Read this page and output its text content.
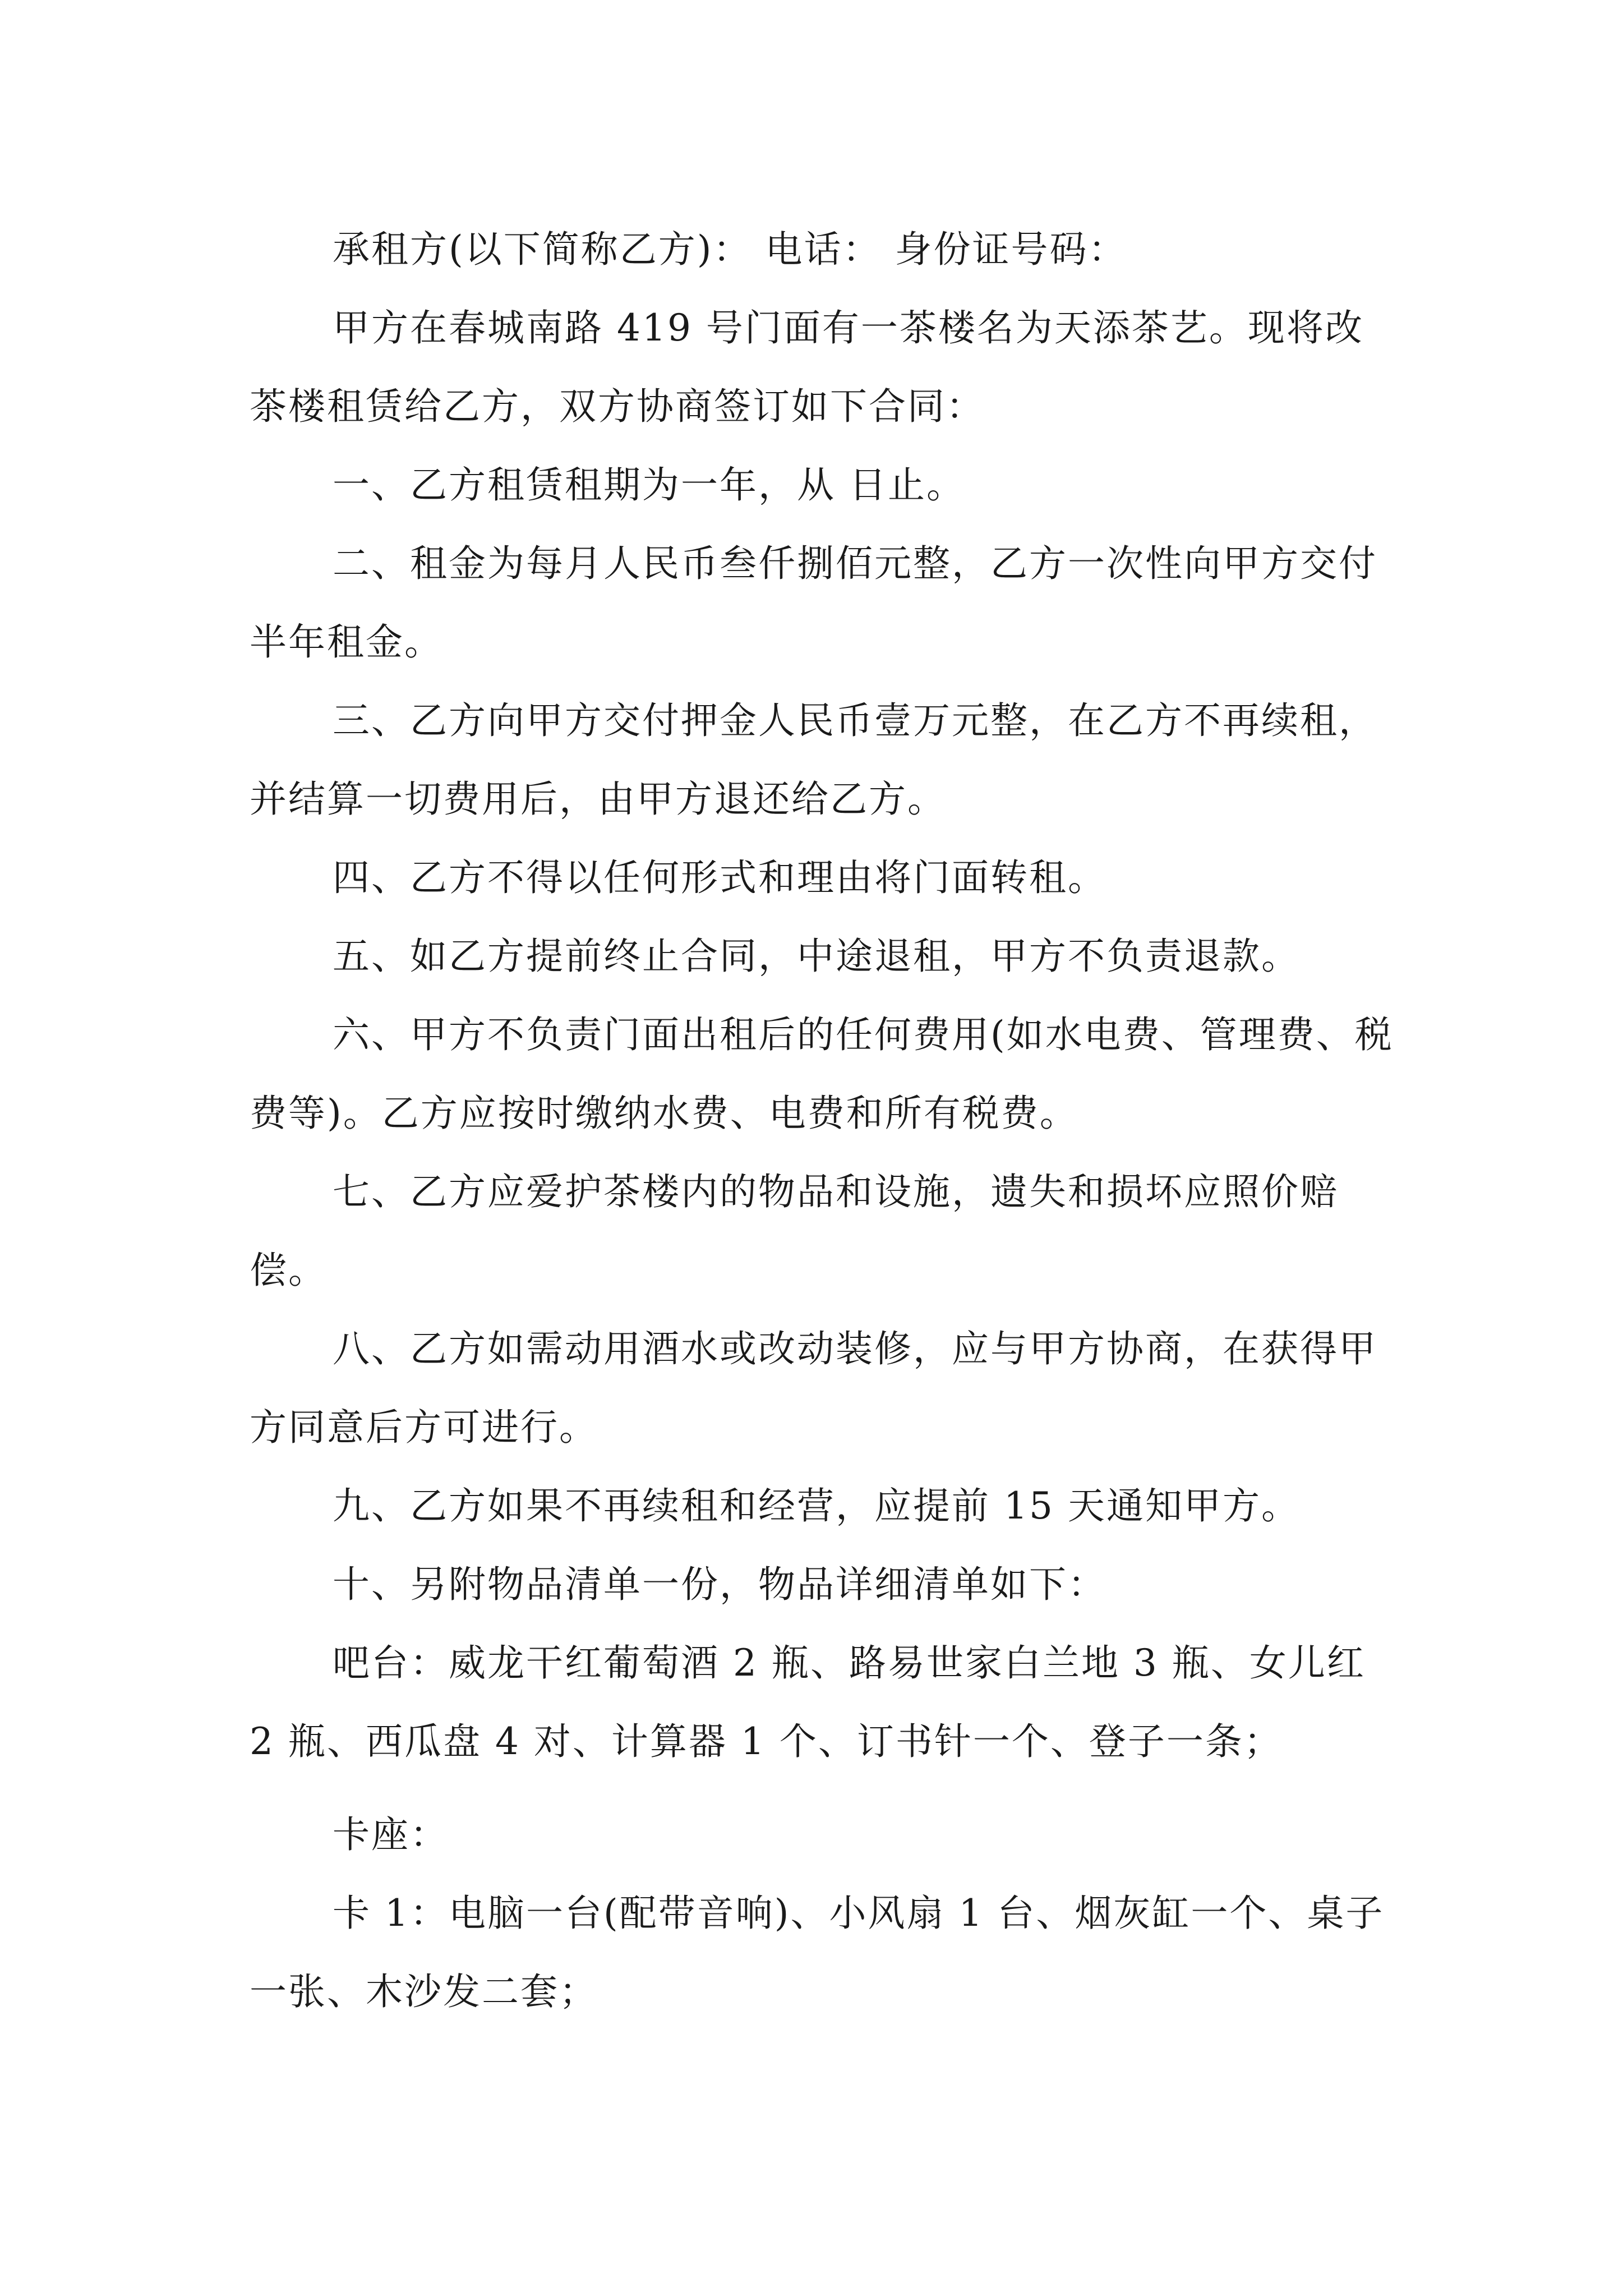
承租方(以下简称乙方)： 电话： 身份证号码：

甲方在春城南路 419 号门面有一茶楼名为天添茶艺。现将改茶楼租赁给乙方，双方协商签订如下合同：

一、乙方租赁租期为一年，从 日止。

二、租金为每月人民币叁仟捌佰元整，乙方一次性向甲方交付半年租金。

三、乙方向甲方交付押金人民币壹万元整，在乙方不再续租，并结算一切费用后，由甲方退还给乙方。

四、乙方不得以任何形式和理由将门面转租。

五、如乙方提前终止合同，中途退租，甲方不负责退款。

六、甲方不负责门面出租后的任何费用(如水电费、管理费、税费等)。乙方应按时缴纳水费、电费和所有税费。

七、乙方应爱护茶楼内的物品和设施，遗失和损坏应照价赔偿。

八、乙方如需动用酒水或改动装修，应与甲方协商，在获得甲方同意后方可进行。

九、乙方如果不再续租和经营，应提前 15 天通知甲方。

十、另附物品清单一份，物品详细清单如下：

吧台：威龙干红葡萄酒 2 瓶、路易世家白兰地 3 瓶、女儿红 2 瓶、西瓜盘 4 对、计算器 1 个、订书针一个、登子一条；

卡座：

卡 1：电脑一台(配带音响)、小风扇 1 台、烟灰缸一个、桌子一张、木沙发二套；
